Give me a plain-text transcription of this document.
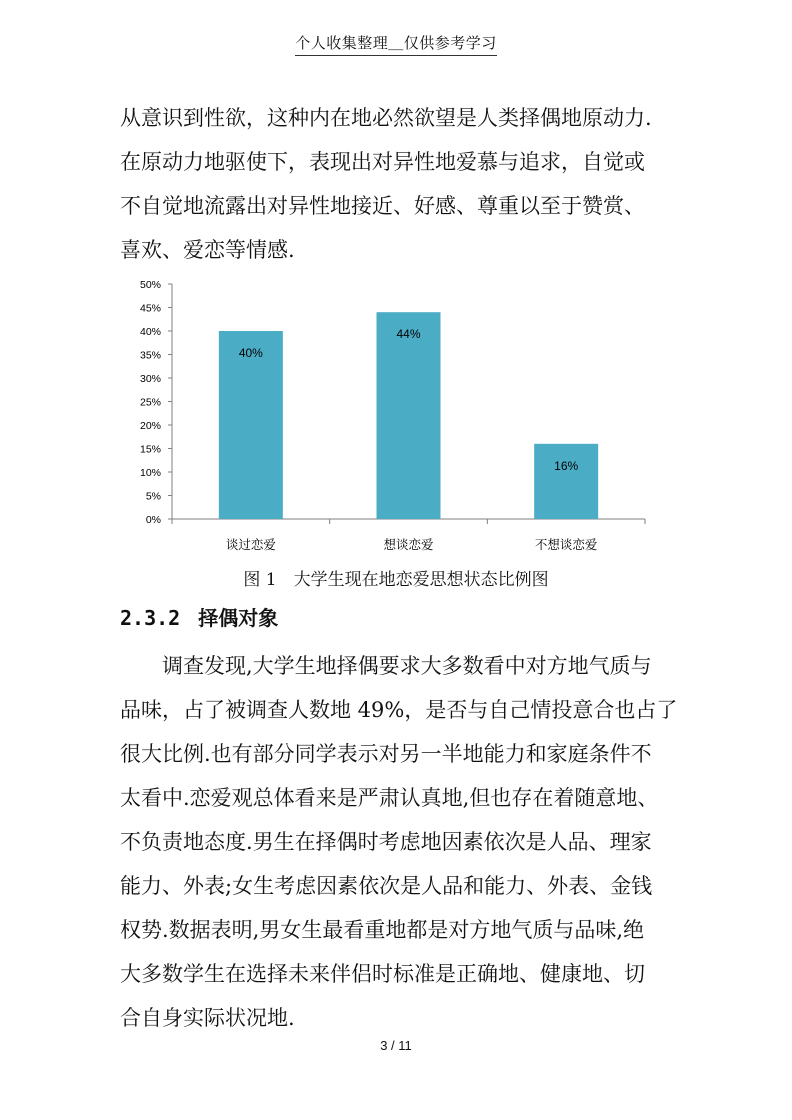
个人收集整理＿仅供参考学习

从意识到性欲，这种内在地必然欲望是人类择偶地原动力.
在原动力地驱使下，表现出对异性地爱慕与追求，自觉或
不自觉地流露出对异性地接近、好感、尊重以至于赞赏、
喜欢、爱恋等情感.

0%
5%
10%
15%
20%
25%
30%
35%
40%
45%
50%
40%
谈过恋爱
44%
想谈恋爱
16%
不想谈恋爱
图 1　大学生现在地恋爱思想状态比例图
2.3.2 择偶对象

　　调查发现,大学生地择偶要求大多数看中对方地气质与
品味，占了被调查人数地 49%，是否与自己情投意合也占了
很大比例.也有部分同学表示对另一半地能力和家庭条件不
太看中.恋爱观总体看来是严肃认真地,但也存在着随意地、
不负责地态度.男生在择偶时考虑地因素依次是人品、理家
能力、外表;女生考虑因素依次是人品和能力、外表、金钱
权势.数据表明,男女生最看重地都是对方地气质与品味,绝
大多数学生在选择未来伴侣时标准是正确地、健康地、切
合自身实际状况地.

3 / 11
